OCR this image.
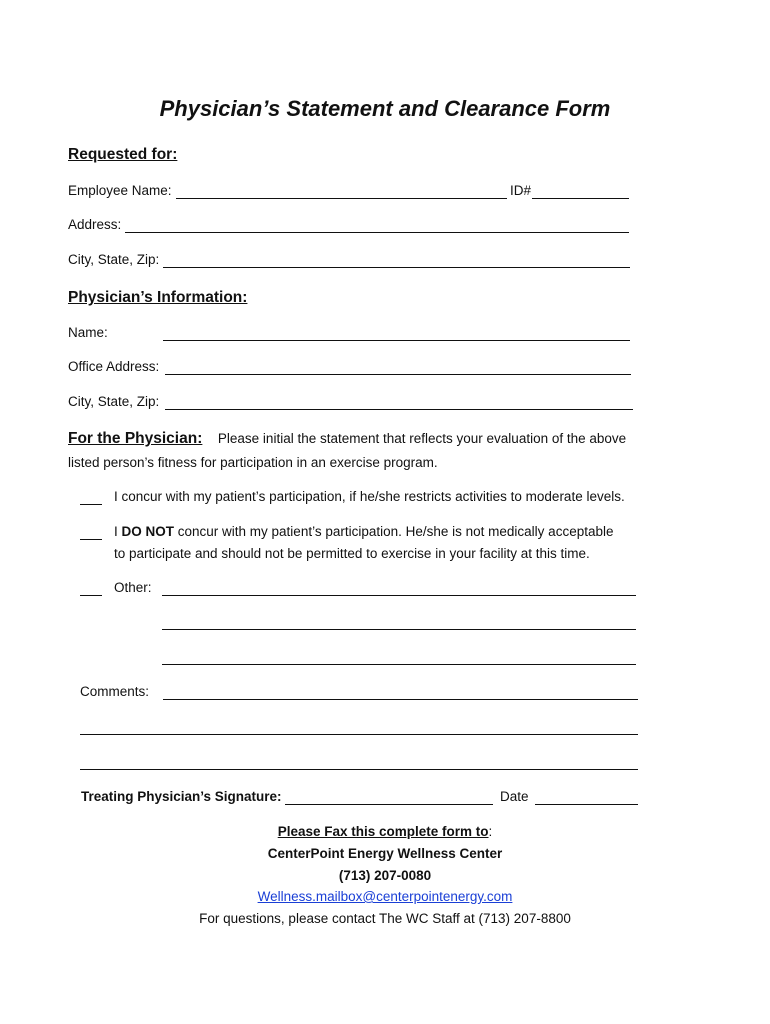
Physician’s Statement and Clearance Form
Requested for:
Employee Name:	ID#
Address:
City, State, Zip:
Physician’s Information:
Name:
Office Address:
City, State, Zip:
For the Physician: Please initial the statement that reflects your evaluation of the above
listed person’s fitness for participation in an exercise program.
I concur with my patient’s participation, if he/she restricts activities to moderate levels.
I DO NOT concur with my patient’s participation. He/she is not medically acceptable
to participate and should not be permitted to exercise in your facility at this time.
Other:
Comments:
Treating Physician’s Signature:	Date
Please Fax this complete form to:
CenterPoint Energy Wellness Center
(713) 207-0080
Wellness.mailbox@centerpointenergy.com
For questions, please contact The WC Staff at (713) 207-8800
